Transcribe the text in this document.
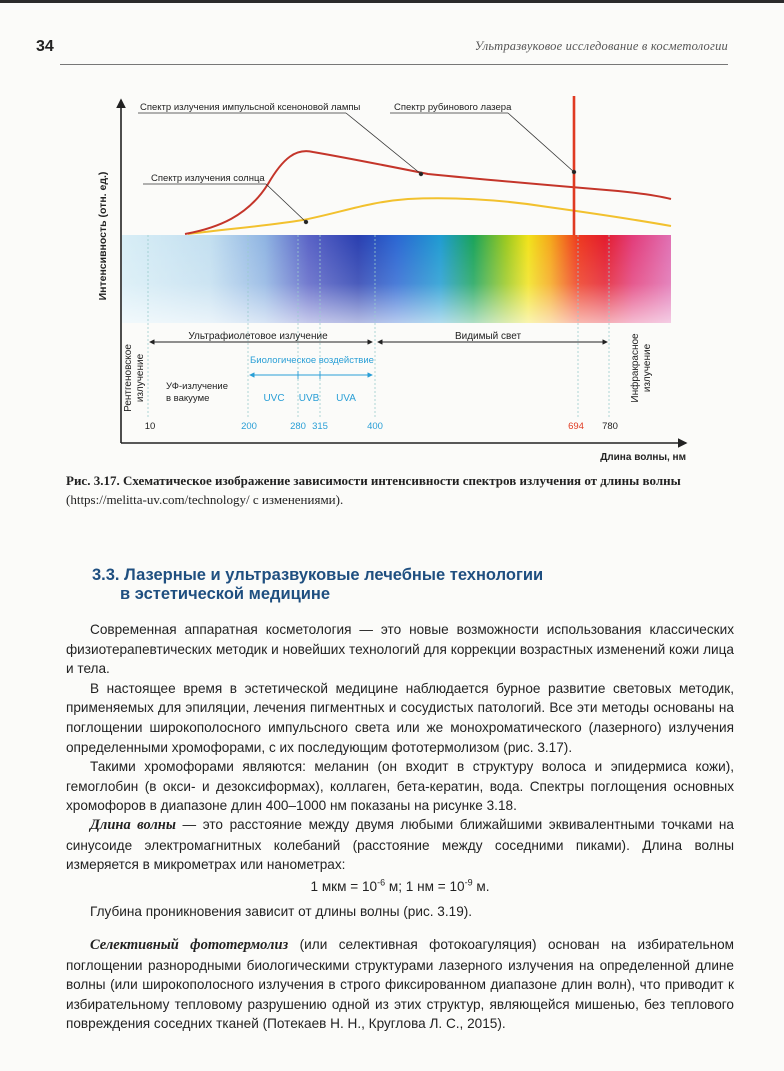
34	Ультразвуковое исследование в косметологии
Интенсивность (отн. ед.)
Спектр излучения импульсной ксеноновой лампы	Спектр рубинового лазера
Спектр излучения солнца
Ультрафиолетовое излучение	Видимый свет
Биологическое воздействие
UVC UVB UVA
УФ-излучение
в вакууме
Рентгеновское излучение	Инфракрасное излучение
10	200	280 315	400	694 780
Длина волны, нм
Рис. 3.17. Схематическое изображение зависимости интенсивности спектров излучения от длины волны (https://melitta-uv.com/technology/ с изменениями).
3.3. Лазерные и ультразвуковые лечебные технологии
в эстетической медицине

Современная аппаратная косметология — это новые возможности использования классических физиотерапевтических методик и новейших технологий для коррекции возрастных изменений кожи лица и тела.

В настоящее время в эстетической медицине наблюдается бурное развитие световых методик, применяемых для эпиляции, лечения пигментных и сосудистых патологий. Все эти методы основаны на поглощении широкополосного импульсного света или же монохроматического (лазерного) излучения определенными хромофорами, с их последующим фототермолизом (рис. 3.17).

Такими хромофорами являются: меланин (он входит в структуру волоса и эпидермиса кожи), гемоглобин (в окси- и дезоксиформах), коллаген, бета-кератин, вода. Спектры поглощения основных хромофоров в диапазоне длин 400–1000 нм показаны на рисунке 3.18.

Длина волны — это расстояние между двумя любыми ближайшими эквивалентными точками на синусоиде электромагнитных колебаний (расстояние между соседними пиками). Длина волны измеряется в микрометрах или нанометрах:

1 мкм = $10^{-6}$ м; 1 нм = $10^{-9}$ м.

Глубина проникновения зависит от длины волны (рис. 3.19).

Селективный фототермолиз (или селективная фотокоагуляция) основан на избирательном поглощении разнородными биологическими структурами лазерного излучения на определенной длине волны (или широкополосного излучения в строго фиксированном диапазоне длин волн), что приводит к избирательному тепловому разрушению одной из этих структур, являющейся мишенью, без теплового повреждения соседних тканей (Потекаев Н. Н., Круглова Л. С., 2015).
